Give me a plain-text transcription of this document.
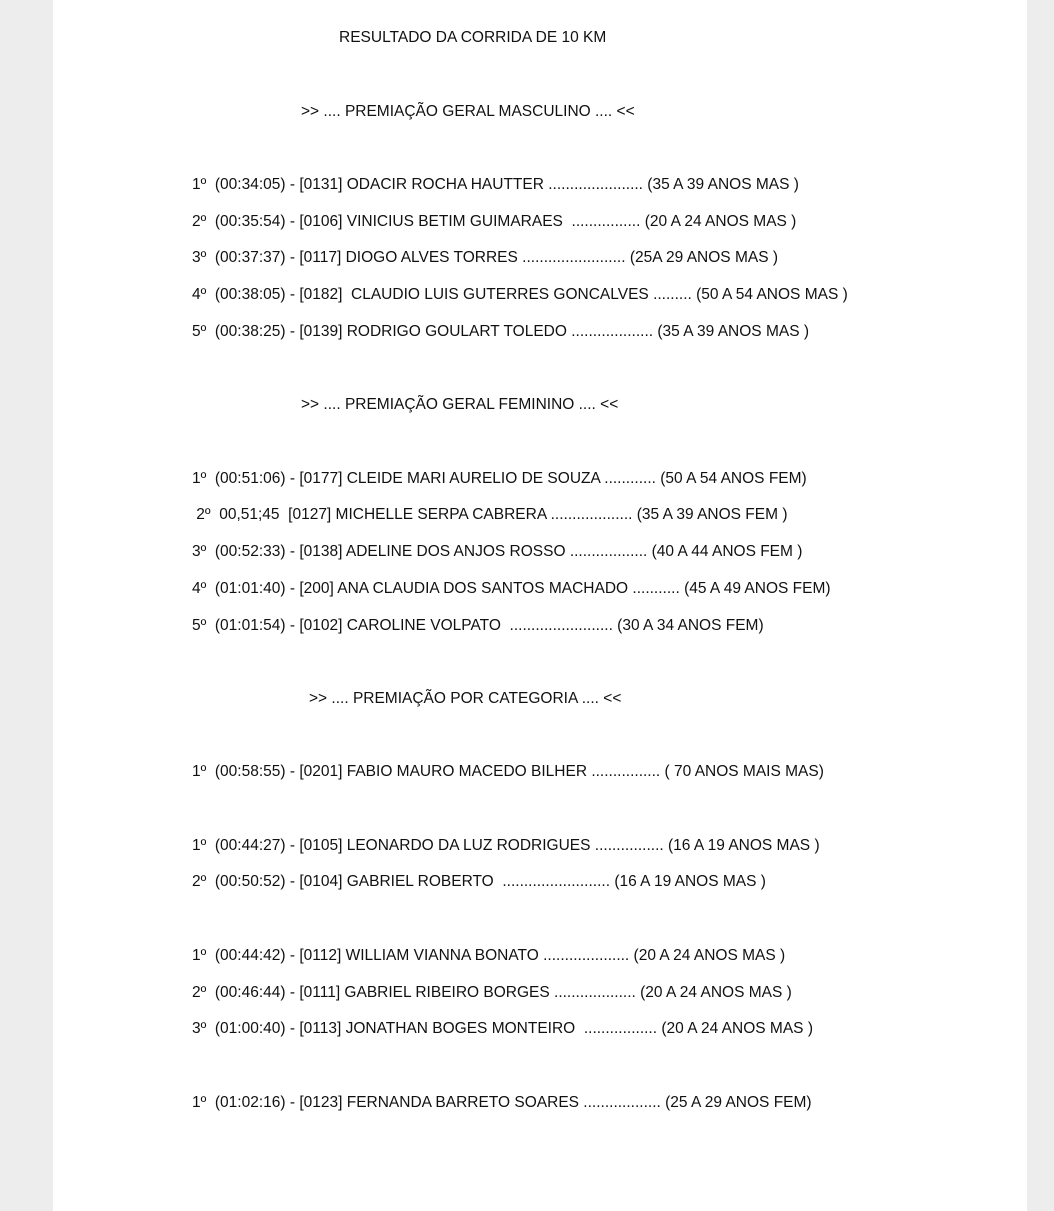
RESULTADO DA CORRIDA DE 10 KM
>> .... PREMIAÇÃO GERAL MASCULINO .... <<
1º  (00:34:05) - [0131] ODACIR ROCHA HAUTTER ...................... (35 A 39 ANOS MAS )
2º  (00:35:54) - [0106] VINICIUS BETIM GUIMARAES  ................ (20 A 24 ANOS MAS )
3º  (00:37:37) - [0117] DIOGO ALVES TORRES ........................ (25A 29 ANOS MAS )
4º  (00:38:05) - [0182]  CLAUDIO LUIS GUTERRES GONCALVES ......... (50 A 54 ANOS MAS )
5º  (00:38:25) - [0139] RODRIGO GOULART TOLEDO ................... (35 A 39 ANOS MAS )
>> .... PREMIAÇÃO GERAL FEMININO .... <<
1º  (00:51:06) - [0177] CLEIDE MARI AURELIO DE SOUZA ............ (50 A 54 ANOS FEM)
2º  00,51;45  [0127] MICHELLE SERPA CABRERA ................... (35 A 39 ANOS FEM )
3º  (00:52:33) - [0138] ADELINE DOS ANJOS ROSSO .................. (40 A 44 ANOS FEM )
4º  (01:01:40) - [200] ANA CLAUDIA DOS SANTOS MACHADO ........... (45 A 49 ANOS FEM)
5º  (01:01:54) - [0102] CAROLINE VOLPATO  ........................ (30 A 34 ANOS FEM)
>> .... PREMIAÇÃO POR CATEGORIA .... <<
1º  (00:58:55) - [0201] FABIO MAURO MACEDO BILHER ................ ( 70 ANOS MAIS MAS)
1º  (00:44:27) - [0105] LEONARDO DA LUZ RODRIGUES ................ (16 A 19 ANOS MAS )
2º  (00:50:52) - [0104] GABRIEL ROBERTO  ......................... (16 A 19 ANOS MAS )
1º  (00:44:42) - [0112] WILLIAM VIANNA BONATO .................... (20 A 24 ANOS MAS )
2º  (00:46:44) - [0111] GABRIEL RIBEIRO BORGES ................... (20 A 24 ANOS MAS )
3º  (01:00:40) - [0113] JONATHAN BOGES MONTEIRO  ................. (20 A 24 ANOS MAS )
1º  (01:02:16) - [0123] FERNANDA BARRETO SOARES .................. (25 A 29 ANOS FEM)
